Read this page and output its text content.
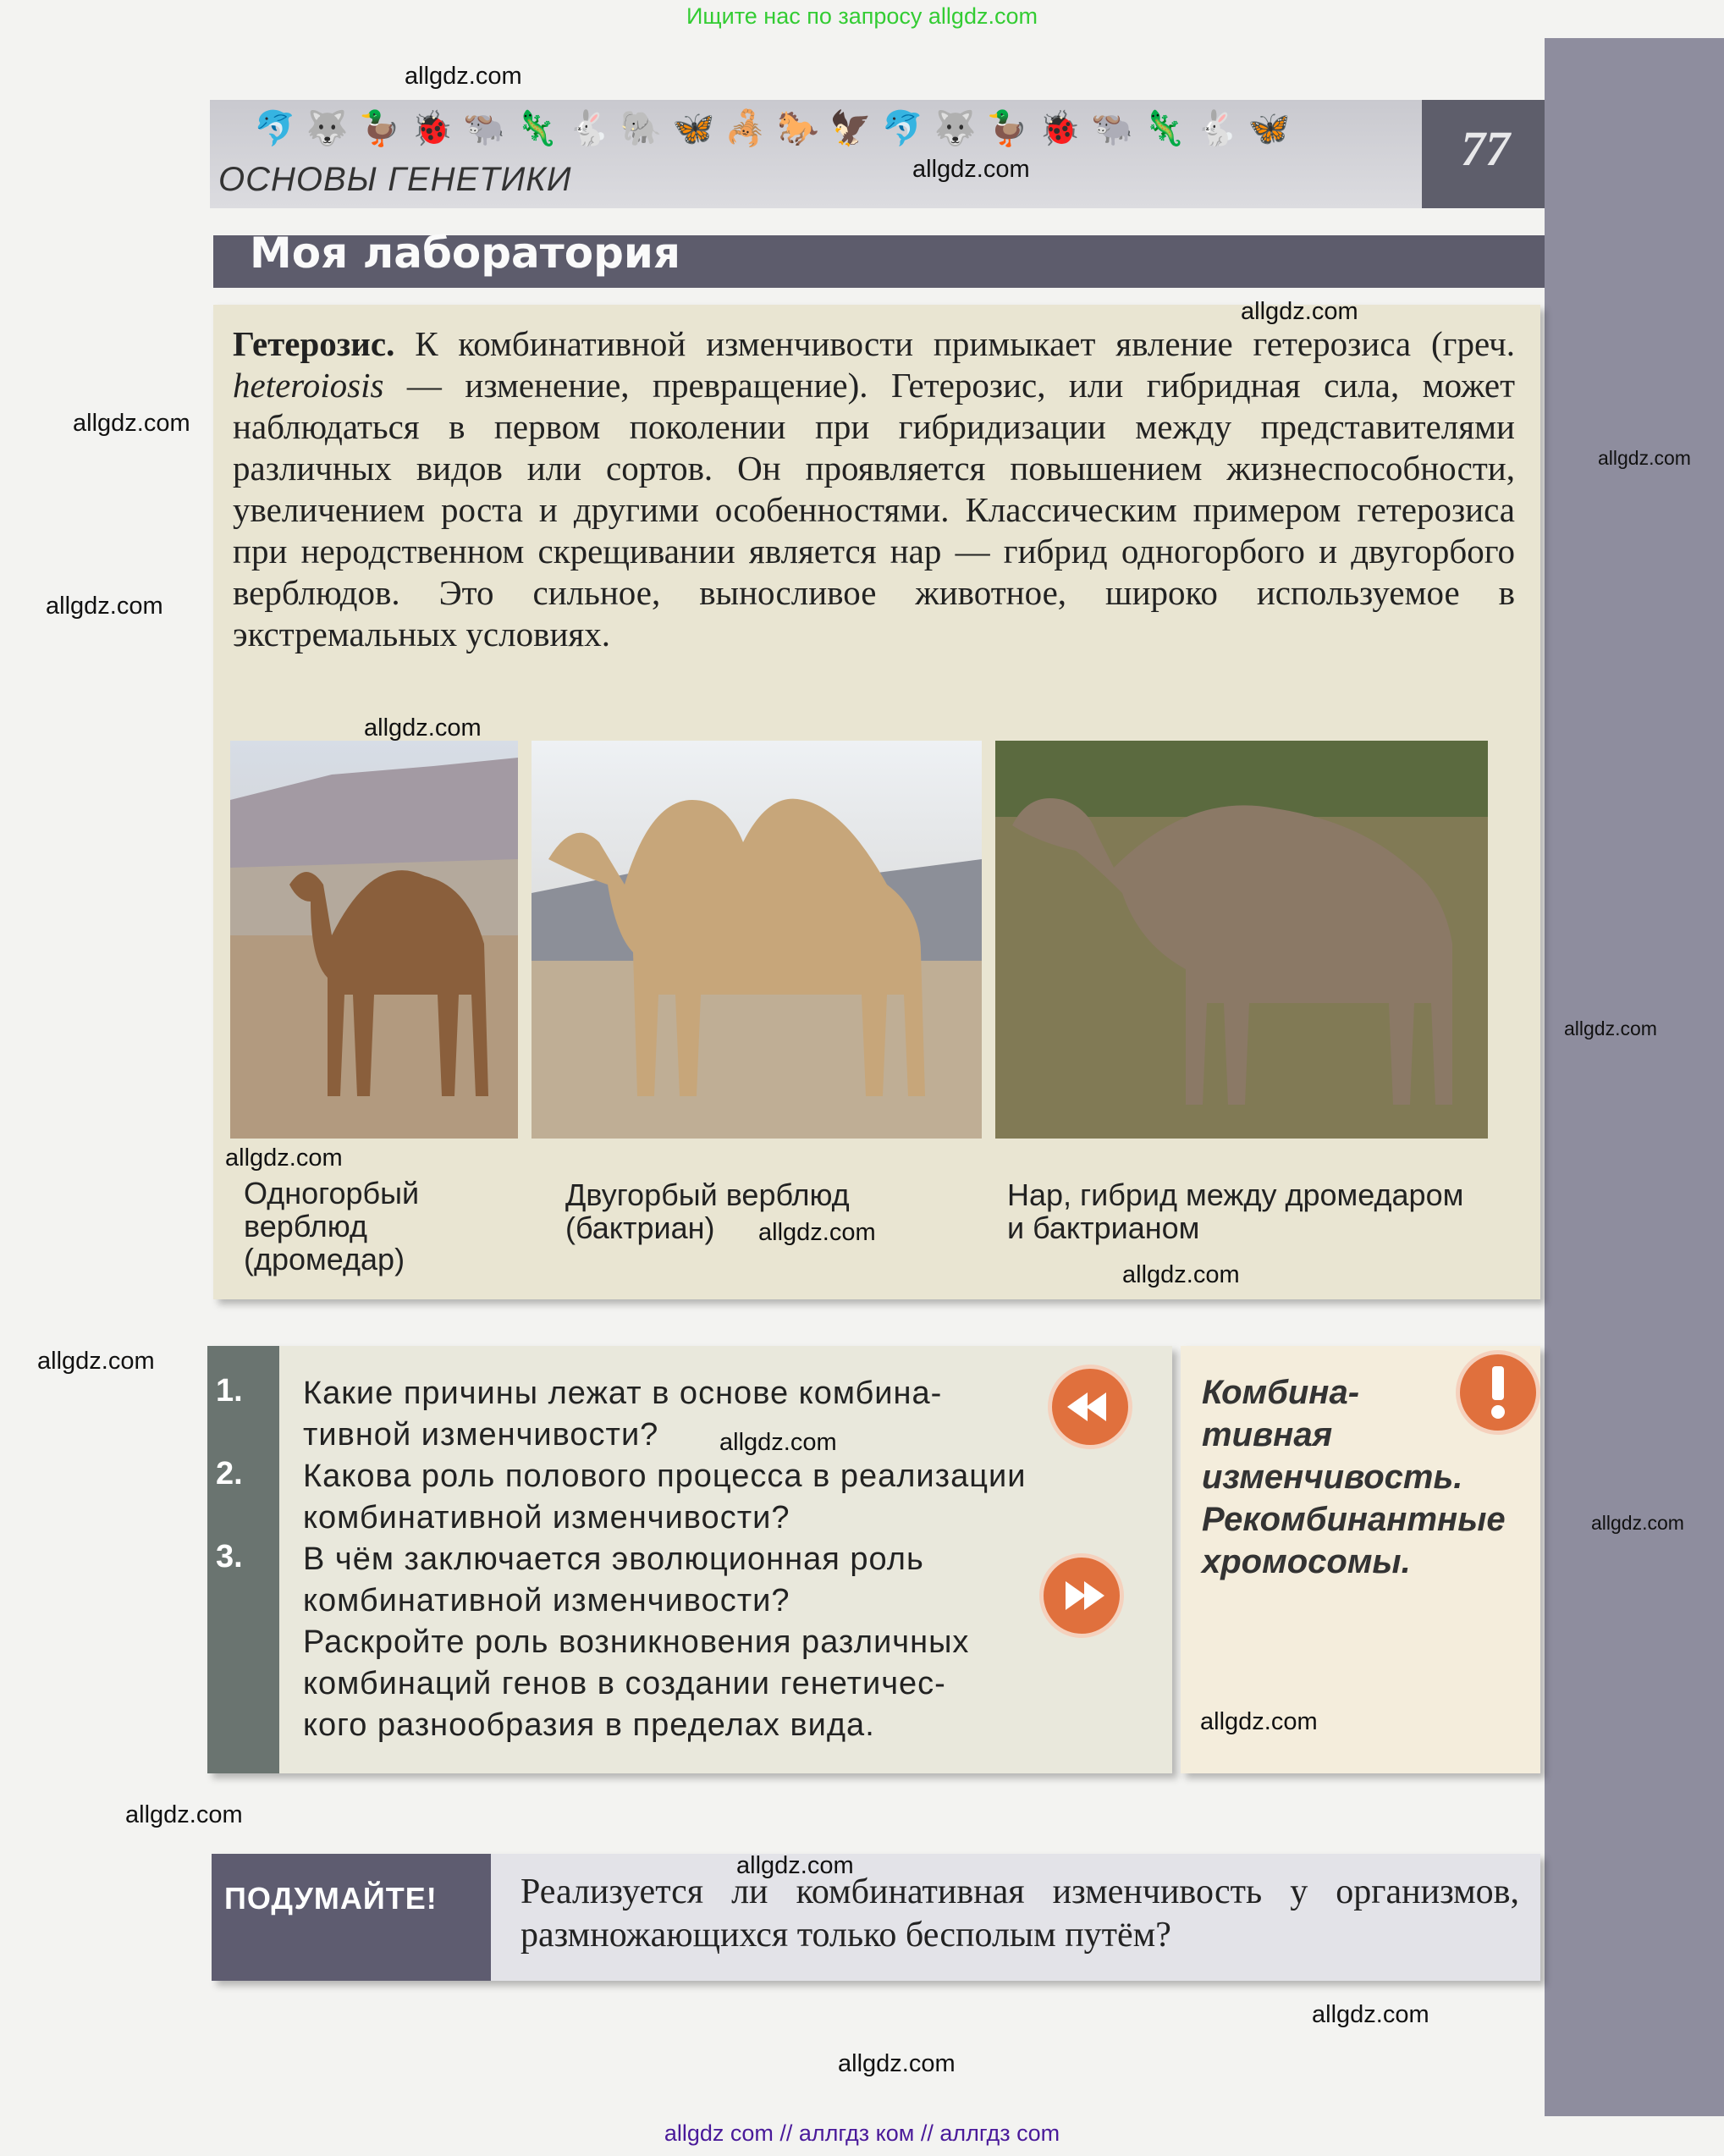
Ищите нас по запросу allgdz.com
🐬 🐺 🦆 🐞 🐃 🦎 🐇 🐘 🦋 🦂 🐎 🦅 🐬 🐺 🦆 🐞 🐃 🦎 🐇 🦋
ОСНОВЫ ГЕНЕТИКИ
77
Моя лаборатория
Гетерозис. К комбинативной изменчивости примыкает явление гетерозиса (греч. heteroiosis — изменение, превращение). Гетерозис, или гибридная сила, может наблюдаться в первом поколении при гибридизации между представителями различных видов или сортов. Он проявляется повышением жизнеспособности, увеличением роста и другими особенностями. Классическим примером гетерозиса при неродственном скрещивании является нар — гибрид одногорбого и двугорбого верблюдов. Это сильное, выносливое животное, широко используемое в экстремальных условиях.
Одногорбый
верблюд
(дромедар)
Двугорбый верблюд
(бактриан)
Нар, гибрид между дромедаром
и бактрианом
1.	Какие причины лежат в основе комбина-
тивной изменчивости?
2.	Какова роль полового процесса в реализации
комбинативной изменчивости?
3.	В чём заключается эволюционная роль
комбинативной изменчивости?
Раскройте роль возникновения различных
комбинаций генов в создании генетичес-
кого разнообразия в пределах вида.
Комбина-
тивная
изменчивость.
Рекомбинантные
хромосомы.
ПОДУМАЙТЕ! Реализуется ли комбинативная изменчивость у организмов, размножающихся только бесполым путём?
allgdz.com
allgdz.com
allgdz.com
allgdz.com
allgdz.com
allgdz.com
allgdz.com
allgdz.com
allgdz.com
allgdz.com
allgdz.com
allgdz.com
allgdz.com
allgdz.com
allgdz.com
allgdz.com
allgdz.com
allgdz.com
allgdz.com
allgdz com // аллгдз ком // аллгдз com
